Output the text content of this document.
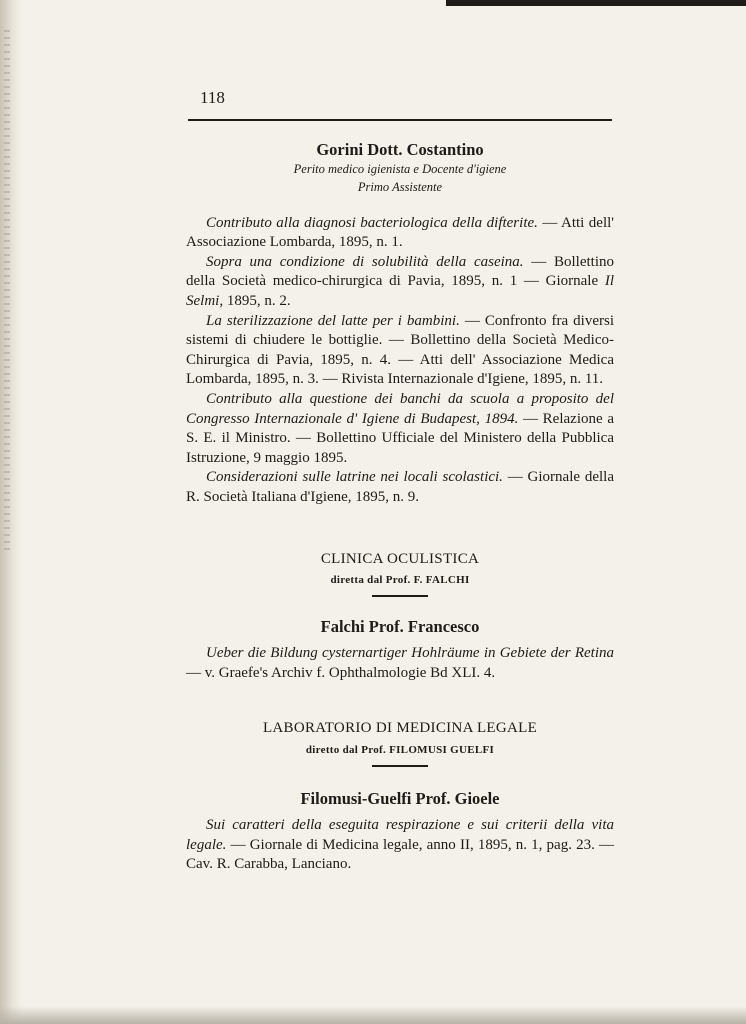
118

Gorini Dott. Costantino

Perito medico igienista e Docente d'igiene
Primo Assistente

Contributo alla diagnosi bacteriologica della difterite. — Atti dell' Associazione Lombarda, 1895, n. 1.

Sopra una condizione di solubilità della caseina. — Bollettino della Società medico-chirurgica di Pavia, 1895, n. 1 — Giornale Il Selmi, 1895, n. 2.

La sterilizzazione del latte per i bambini. — Confronto fra diversi sistemi di chiudere le bottiglie. — Bollettino della Società Medico-Chirurgica di Pavia, 1895, n. 4. — Atti dell' Associazione Medica Lombarda, 1895, n. 3. — Rivista Internazionale d'Igiene, 1895, n. 11.

Contributo alla questione dei banchi da scuola a proposito del Congresso Internazionale d' Igiene di Budapest, 1894. — Relazione a S. E. il Ministro. — Bollettino Ufficiale del Ministero della Pubblica Istruzione, 9 maggio 1895.

Considerazioni sulle latrine nei locali scolastici. — Giornale della R. Società Italiana d'Igiene, 1895, n. 9.

CLINICA OCULISTICA
diretta dal Prof. F. FALCHI

Falchi Prof. Francesco

Ueber die Bildung cysternartiger Hohlräume in Gebiete der Retina — v. Graefe's Archiv f. Ophthalmologie Bd XLI. 4.

LABORATORIO DI MEDICINA LEGALE
diretto dal Prof. FILOMUSI GUELFI

Filomusi-Guelfi Prof. Gioele

Sui caratteri della eseguita respirazione e sui criterii della vita legale. — Giornale di Medicina legale, anno II, 1895, n. 1, pag. 23. — Cav. R. Carabba, Lanciano.
